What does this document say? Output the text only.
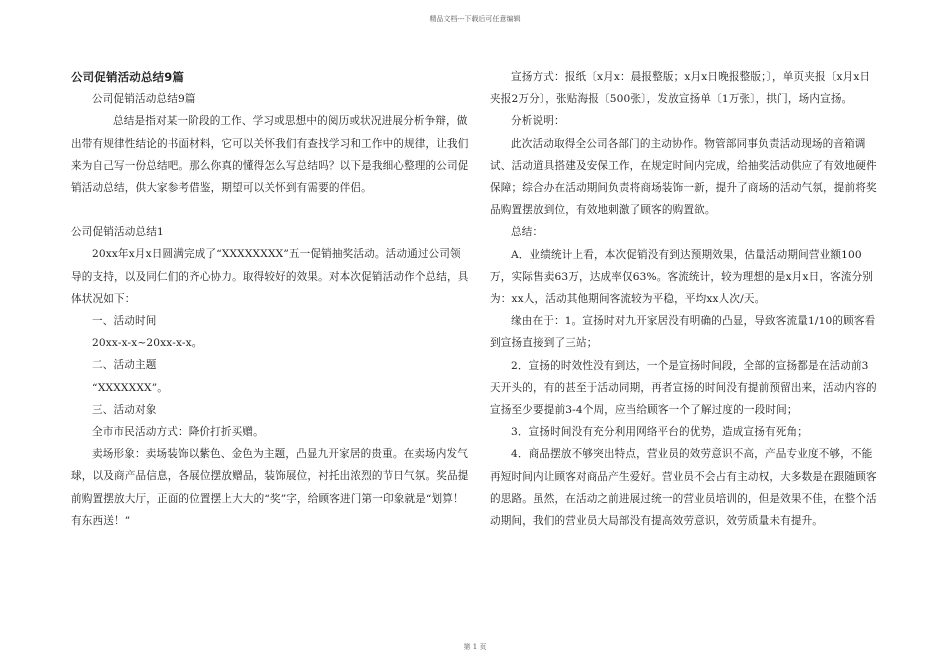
精品文档---下载后可任意编辑

公司促销活动总结9篇

公司促销活动总结9篇

总结是指对某一阶段的工作、学习或思想中的阅历或状况进展分析争辩，做出带有规律性结论的书面材料，它可以关怀我们有查找学习和工作中的规律，让我们来为自己写一份总结吧。那么你真的懂得怎么写总结吗？以下是我细心整理的公司促销活动总结，供大家参考借鉴，期望可以关怀到有需要的伴侣。

公司促销活动总结1

20xx年x月x日圆满完成了“XXXXXXXX”五一促销抽奖活动。活动通过公司领导的支持，以及同仁们的齐心协力。取得较好的效果。对本次促销活动作个总结，具体状况如下：

一、活动时间

20xx-x-x~20xx-x-x。

二、活动主题

“XXXXXXX”。

三、活动对象

全市市民活动方式：降价打折买赠。

卖场形象：卖场装饰以紫色、金色为主题，凸显九开家居的贵重。在卖场内发气球，以及商产品信息，各展位摆放赠品，装饰展位，衬托出浓烈的节日气氛。奖品提前购置摆放大厅，正面的位置摆上大大的“奖”字，给顾客进门第一印象就是“划算！有东西送！”

宣扬方式：报纸〔x月x：晨报整版；x月x日晚报整版；〕，单页夹报〔x月x日夹报2万分〕，张贴海报〔500张〕，发放宣扬单〔1万张〕，拱门，场内宣扬。

分析说明：

此次活动取得全公司各部门的主动协作。物管部同事负责活动现场的音箱调试、活动道具搭建及安保工作，在规定时间内完成，给抽奖活动供应了有效地硬件保障；综合办在活动期间负责将商场装饰一新，提升了商场的活动气氛，提前将奖品购置摆放到位，有效地刺激了顾客的购置欲。

总结：

A．业绩统计上看，本次促销没有到达预期效果，估量活动期间营业额100万，实际售卖63万，达成率仅63%。客流统计，较为理想的是x月x日，客流分别为：xx人，活动其他期间客流较为平稳，平均xx人次/天。

缘由在于：1。宣扬时对九开家居没有明确的凸显，导致客流量1/10的顾客看到宣扬直接到了三站；

2．宣扬的时效性没有到达，一个是宣扬时间段，全部的宣扬都是在活动前3天开头的，有的甚至于活动同期，再者宣扬的时间没有提前预留出来，活动内容的宣扬至少要提前3-4个周，应当给顾客一个了解过度的一段时间；

3．宣扬时间没有充分利用网络平台的优势，造成宣扬有死角；

4．商品摆放不够突出特点，营业员的效劳意识不高，产品专业度不够，不能再短时间内让顾客对商品产生爱好。营业员不会占有主动权，大多数是在跟随顾客的思路。虽然，在活动之前进展过统一的营业员培训的，但是效果不佳，在整个活动期间，我们的营业员大局部没有提高效劳意识，效劳质量未有提升。

第 1 页
